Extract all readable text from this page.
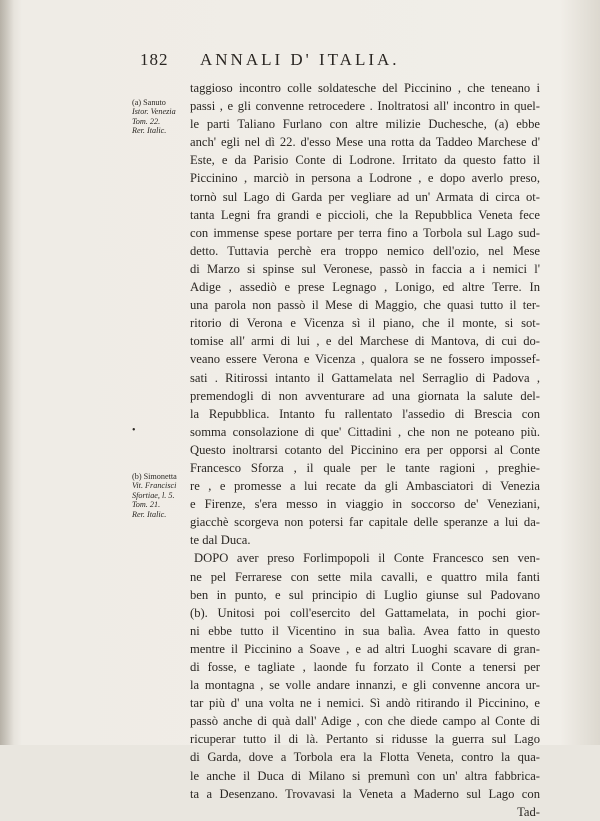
182 ANNALI D' ITALIA.
(a) Sanuto
Istor. Venezia
Tom. 22.
Rer. Italic.
•
(b) Simonetta
Vit. Francisci
Sfortiae, l. 5.
Tom. 21.
Rer. Italic.
taggioso incontro colle soldatesche del Piccinino , che teneano i
passi , e gli convenne retrocedere . Inoltratosi all' incontro in quel-
le parti Taliano Furlano con altre milizie Duchesche, (a) ebbe
anch' egli nel dì 22. d'esso Mese una rotta da Taddeo Marchese d'
Este, e da Parisio Conte di Lodrone. Irritato da questo fatto il
Piccinino , marciò in persona a Lodrone , e dopo averlo preso,
tornò sul Lago di Garda per vegliare ad un' Armata di circa ot-
tanta Legni fra grandi e piccioli, che la Repubblica Veneta fece
con immense spese portare per terra fino a Torbola sul Lago sud-
detto. Tuttavia perchè era troppo nemico dell'ozio, nel Mese
di Marzo si spinse sul Veronese, passò in faccia a i nemici l'
Adige , assediò e prese Legnago , Lonigo, ed altre Terre. In
una parola non passò il Mese di Maggio, che quasi tutto il ter-
ritorio di Verona e Vicenza sì il piano, che il monte, si sot-
tomise all' armi di lui , e del Marchese di Mantova, di cui do-
veano essere Verona e Vicenza , qualora se ne fossero impossef-
sati . Ritirossi intanto il Gattamelata nel Serraglio di Padova ,
premendogli di non avventurare ad una giornata la salute del-
la Repubblica. Intanto fu rallentato l'assedio di Brescia con
somma consolazione di que' Cittadini , che non ne poteano più.
Questo inoltrarsi cotanto del Piccinino era per opporsi al Conte
Francesco Sforza , il quale per le tante ragioni , preghie-
re , e promesse a lui recate da gli Ambasciatori di Venezia
e Firenze, s'era messo in viaggio in soccorso de' Veneziani,
giacchè scorgeva non potersi far capitale delle speranze a lui da-
te dal Duca.
DOPO aver preso Forlimpopoli il Conte Francesco sen ven-
ne pel Ferrarese con sette mila cavalli, e quattro mila fanti
ben in punto, e sul principio di Luglio giunse sul Padovano
(b). Unitosi poi coll'esercito del Gattamelata, in pochi gior-
ni ebbe tutto il Vicentino in sua balìa. Avea fatto in questo
mentre il Piccinino a Soave , e ad altri Luoghi scavare di gran-
di fosse, e tagliate , laonde fu forzato il Conte a tenersi per
la montagna , se volle andare innanzi, e gli convenne ancora ur-
tar più d' una volta ne i nemici. Sì andò ritirando il Piccinino, e
passò anche di quà dall' Adige , con che diede campo al Conte di
ricuperar tutto il di là. Pertanto si ridusse la guerra sul Lago
di Garda, dove a Torbola era la Flotta Veneta, contro la qua-
le anche il Duca di Milano si premunì con un' altra fabbrica-
ta a Desenzano. Trovavasi la Veneta a Maderno sul Lago con
Tad-
